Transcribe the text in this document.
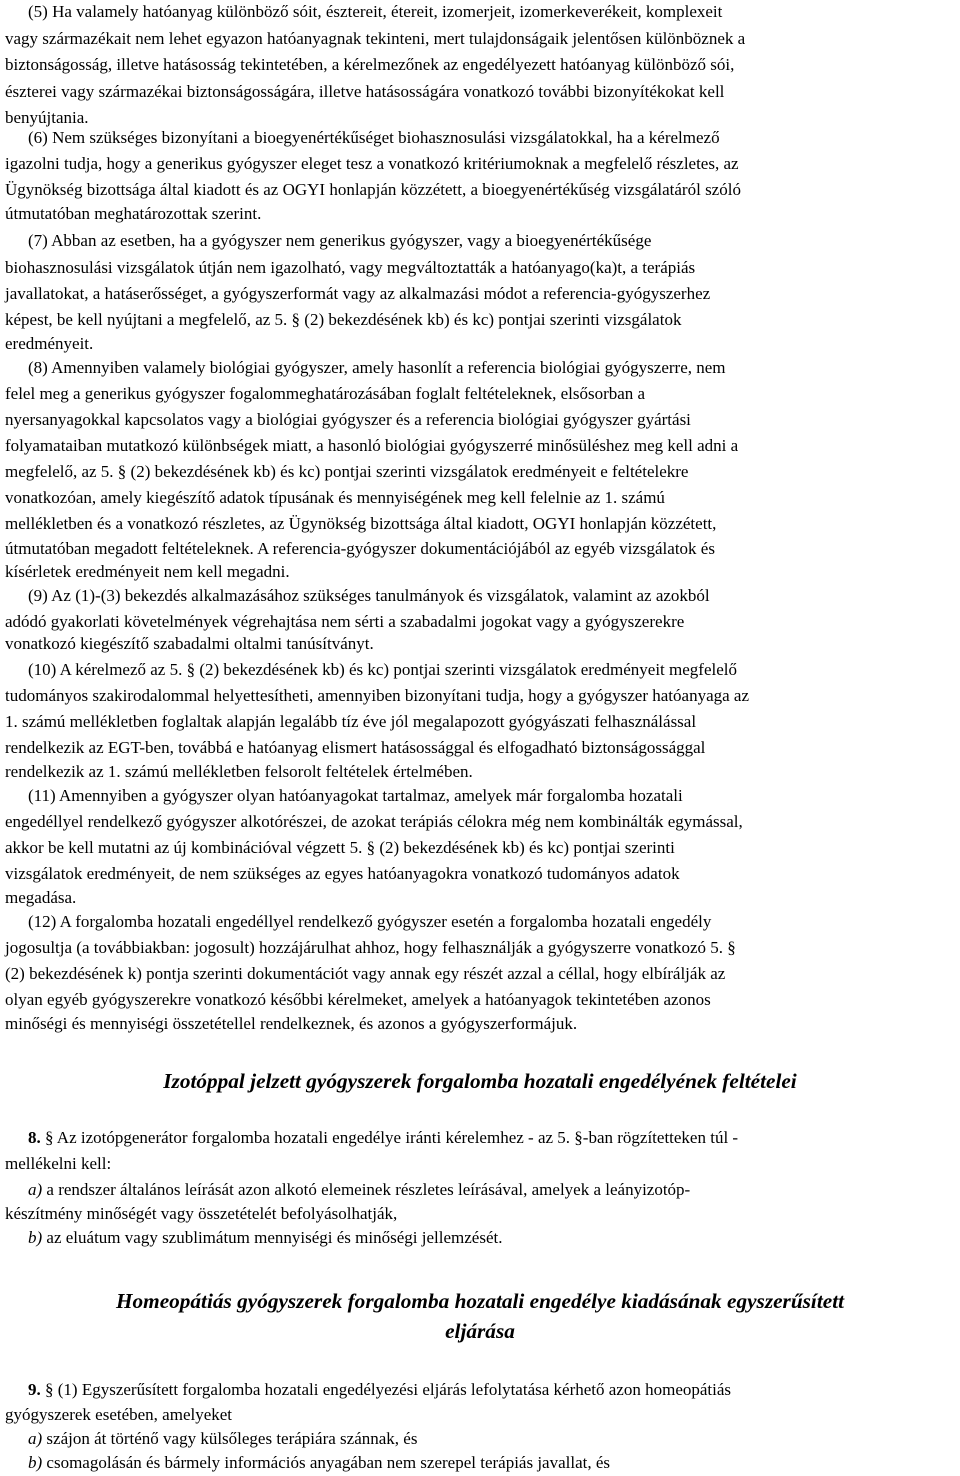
(5) Ha valamely hatóanyag különböző sóit, észtereit, étereit, izomerjeit, izomerkeverékeit, komplexeit

vagy származékait nem lehet egyazon hatóanyagnak tekinteni, mert tulajdonságaik jelentősen különböznek a

biztonságosság, illetve hatásosság tekintetében, a kérelmezőnek az engedélyezett hatóanyag különböző sói,

észterei vagy származékai biztonságosságára, illetve hatásosságára vonatkozó további bizonyítékokat kell

benyújtania.

(6) Nem szükséges bizonyítani a bioegyenértékűséget biohasznosulási vizsgálatokkal, ha a kérelmező

igazolni tudja, hogy a generikus gyógyszer eleget tesz a vonatkozó kritériumoknak a megfelelő részletes, az

Ügynökség bizottsága által kiadott és az OGYI honlapján közzétett, a bioegyenértékűség vizsgálatáról szóló

útmutatóban meghatározottak szerint.

(7) Abban az esetben, ha a gyógyszer nem generikus gyógyszer, vagy a bioegyenértékűsége

biohasznosulási vizsgálatok útján nem igazolható, vagy megváltoztatták a hatóanyago(ka)t, a terápiás

javallatokat, a hatáserősséget, a gyógyszerformát vagy az alkalmazási módot a referencia-gyógyszerhez

képest, be kell nyújtani a megfelelő, az 5. § (2) bekezdésének kb) és kc) pontjai szerinti vizsgálatok

eredményeit.

(8) Amennyiben valamely biológiai gyógyszer, amely hasonlít a referencia biológiai gyógyszerre, nem

felel meg a generikus gyógyszer fogalommeghatározásában foglalt feltételeknek, elsősorban a

nyersanyagokkal kapcsolatos vagy a biológiai gyógyszer és a referencia biológiai gyógyszer gyártási

folyamataiban mutatkozó különbségek miatt, a hasonló biológiai gyógyszerré minősüléshez meg kell adni a

megfelelő, az 5. § (2) bekezdésének kb) és kc) pontjai szerinti vizsgálatok eredményeit e feltételekre

vonatkozóan, amely kiegészítő adatok típusának és mennyiségének meg kell felelnie az 1. számú

mellékletben és a vonatkozó részletes, az Ügynökség bizottsága által kiadott, OGYI honlapján közzétett,

útmutatóban megadott feltételeknek. A referencia-gyógyszer dokumentációjából az egyéb vizsgálatok és

kísérletek eredményeit nem kell megadni.

(9) Az (1)-(3) bekezdés alkalmazásához szükséges tanulmányok és vizsgálatok, valamint az azokból

adódó gyakorlati követelmények végrehajtása nem sérti a szabadalmi jogokat vagy a gyógyszerekre

vonatkozó kiegészítő szabadalmi oltalmi tanúsítványt.

(10) A kérelmező az 5. § (2) bekezdésének kb) és kc) pontjai szerinti vizsgálatok eredményeit megfelelő

tudományos szakirodalommal helyettesítheti, amennyiben bizonyítani tudja, hogy a gyógyszer hatóanyaga az

1. számú mellékletben foglaltak alapján legalább tíz éve jól megalapozott gyógyászati felhasználással

rendelkezik az EGT-ben, továbbá e hatóanyag elismert hatásossággal és elfogadható biztonságossággal

rendelkezik az 1. számú mellékletben felsorolt feltételek értelmében.

(11) Amennyiben a gyógyszer olyan hatóanyagokat tartalmaz, amelyek már forgalomba hozatali

engedéllyel rendelkező gyógyszer alkotórészei, de azokat terápiás célokra még nem kombinálták egymással,

akkor be kell mutatni az új kombinációval végzett 5. § (2) bekezdésének kb) és kc) pontjai szerinti

vizsgálatok eredményeit, de nem szükséges az egyes hatóanyagokra vonatkozó tudományos adatok

megadása.

(12) A forgalomba hozatali engedéllyel rendelkező gyógyszer esetén a forgalomba hozatali engedély

jogosultja (a továbbiakban: jogosult) hozzájárulhat ahhoz, hogy felhasználják a gyógyszerre vonatkozó 5. §

(2) bekezdésének k) pontja szerinti dokumentációt vagy annak egy részét azzal a céllal, hogy elbírálják az

olyan egyéb gyógyszerekre vonatkozó későbbi kérelmeket, amelyek a hatóanyagok tekintetében azonos

minőségi és mennyiségi összetétellel rendelkeznek, és azonos a gyógyszerformájuk.

Izotóppal jelzett gyógyszerek forgalomba hozatali engedélyének feltételei

8. § Az izotópgenerátor forgalomba hozatali engedélye iránti kérelemhez - az 5. §-ban rögzítetteken túl -

mellékelni kell:

a) a rendszer általános leírását azon alkotó elemeinek részletes leírásával, amelyek a leányizotóp-

készítmény minőségét vagy összetételét befolyásolhatják,

b) az eluátum vagy szublimátum mennyiségi és minőségi jellemzését.

Homeopátiás gyógyszerek forgalomba hozatali engedélye kiadásának egyszerűsített
eljárása

9. § (1) Egyszerűsített forgalomba hozatali engedélyezési eljárás lefolytatása kérhető azon homeopátiás

gyógyszerek esetében, amelyeket

a) szájon át történő vagy külsőleges terápiára szánnak, és

b) csomagolásán és bármely információs anyagában nem szerepel terápiás javallat, és
